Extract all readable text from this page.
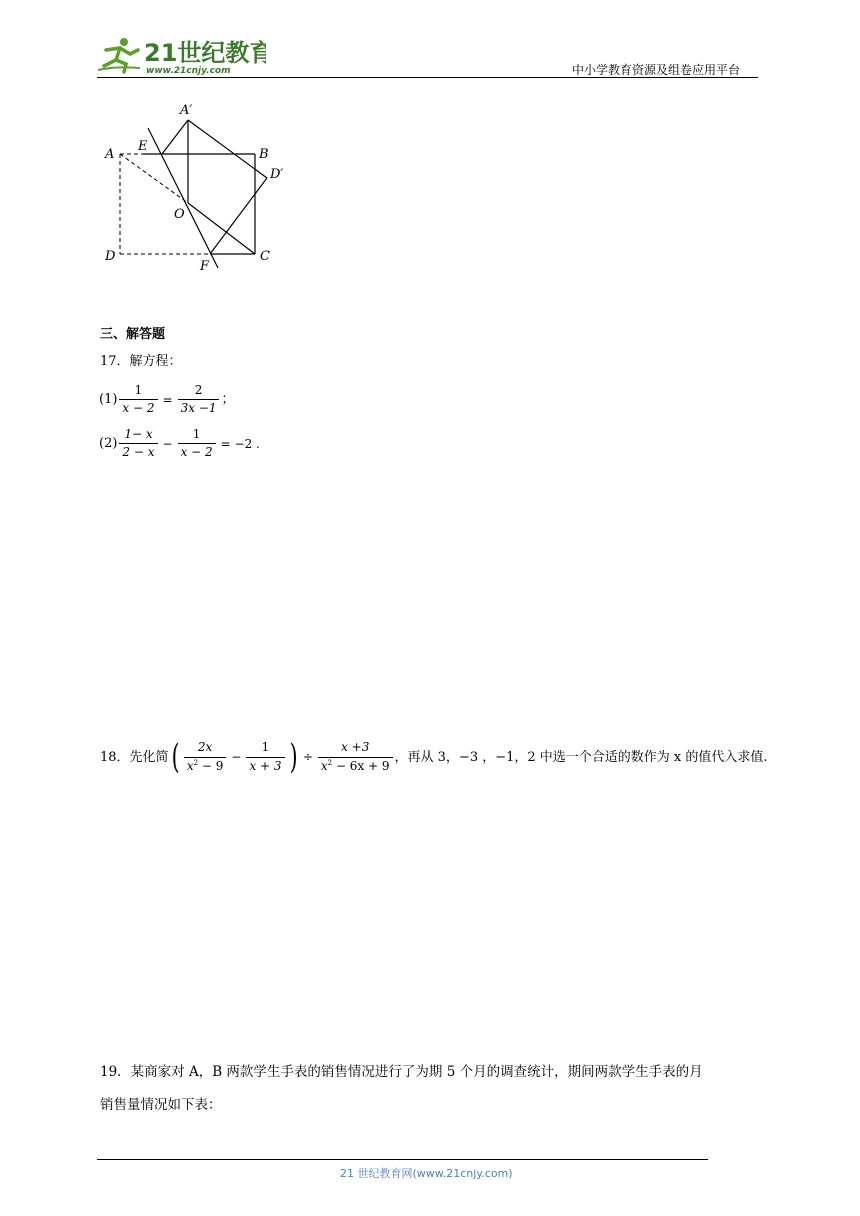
21世纪教育
www.21cnjy.com	中小学教育资源及组卷应用平台
A′
A
E
B
D′
O
D
F
C
三、解答题
17．解方程：
$(1) \frac{1}{x - 2} = \frac{2}{3x -1}$ ；
$(2) \frac{1- x}{2 - x} - \frac{1}{x - 2} = -2$ .
18．先化简 ( $\frac{2x}{x^2 - 9} - \frac{1}{x + 3}$ ) ÷ $\frac{x +3}{x^2 - 6x + 9}$ ，再从 3，−3 ，−1，2 中选一个合适的数作为 x 的值代入求值.
19．某商家对 A，B 两款学生手表的销售情况进行了为期 5 个月的调查统计，期间两款学生手表的月
销售量情况如下表：
21 世纪教育网(www.21cnjy.com)
